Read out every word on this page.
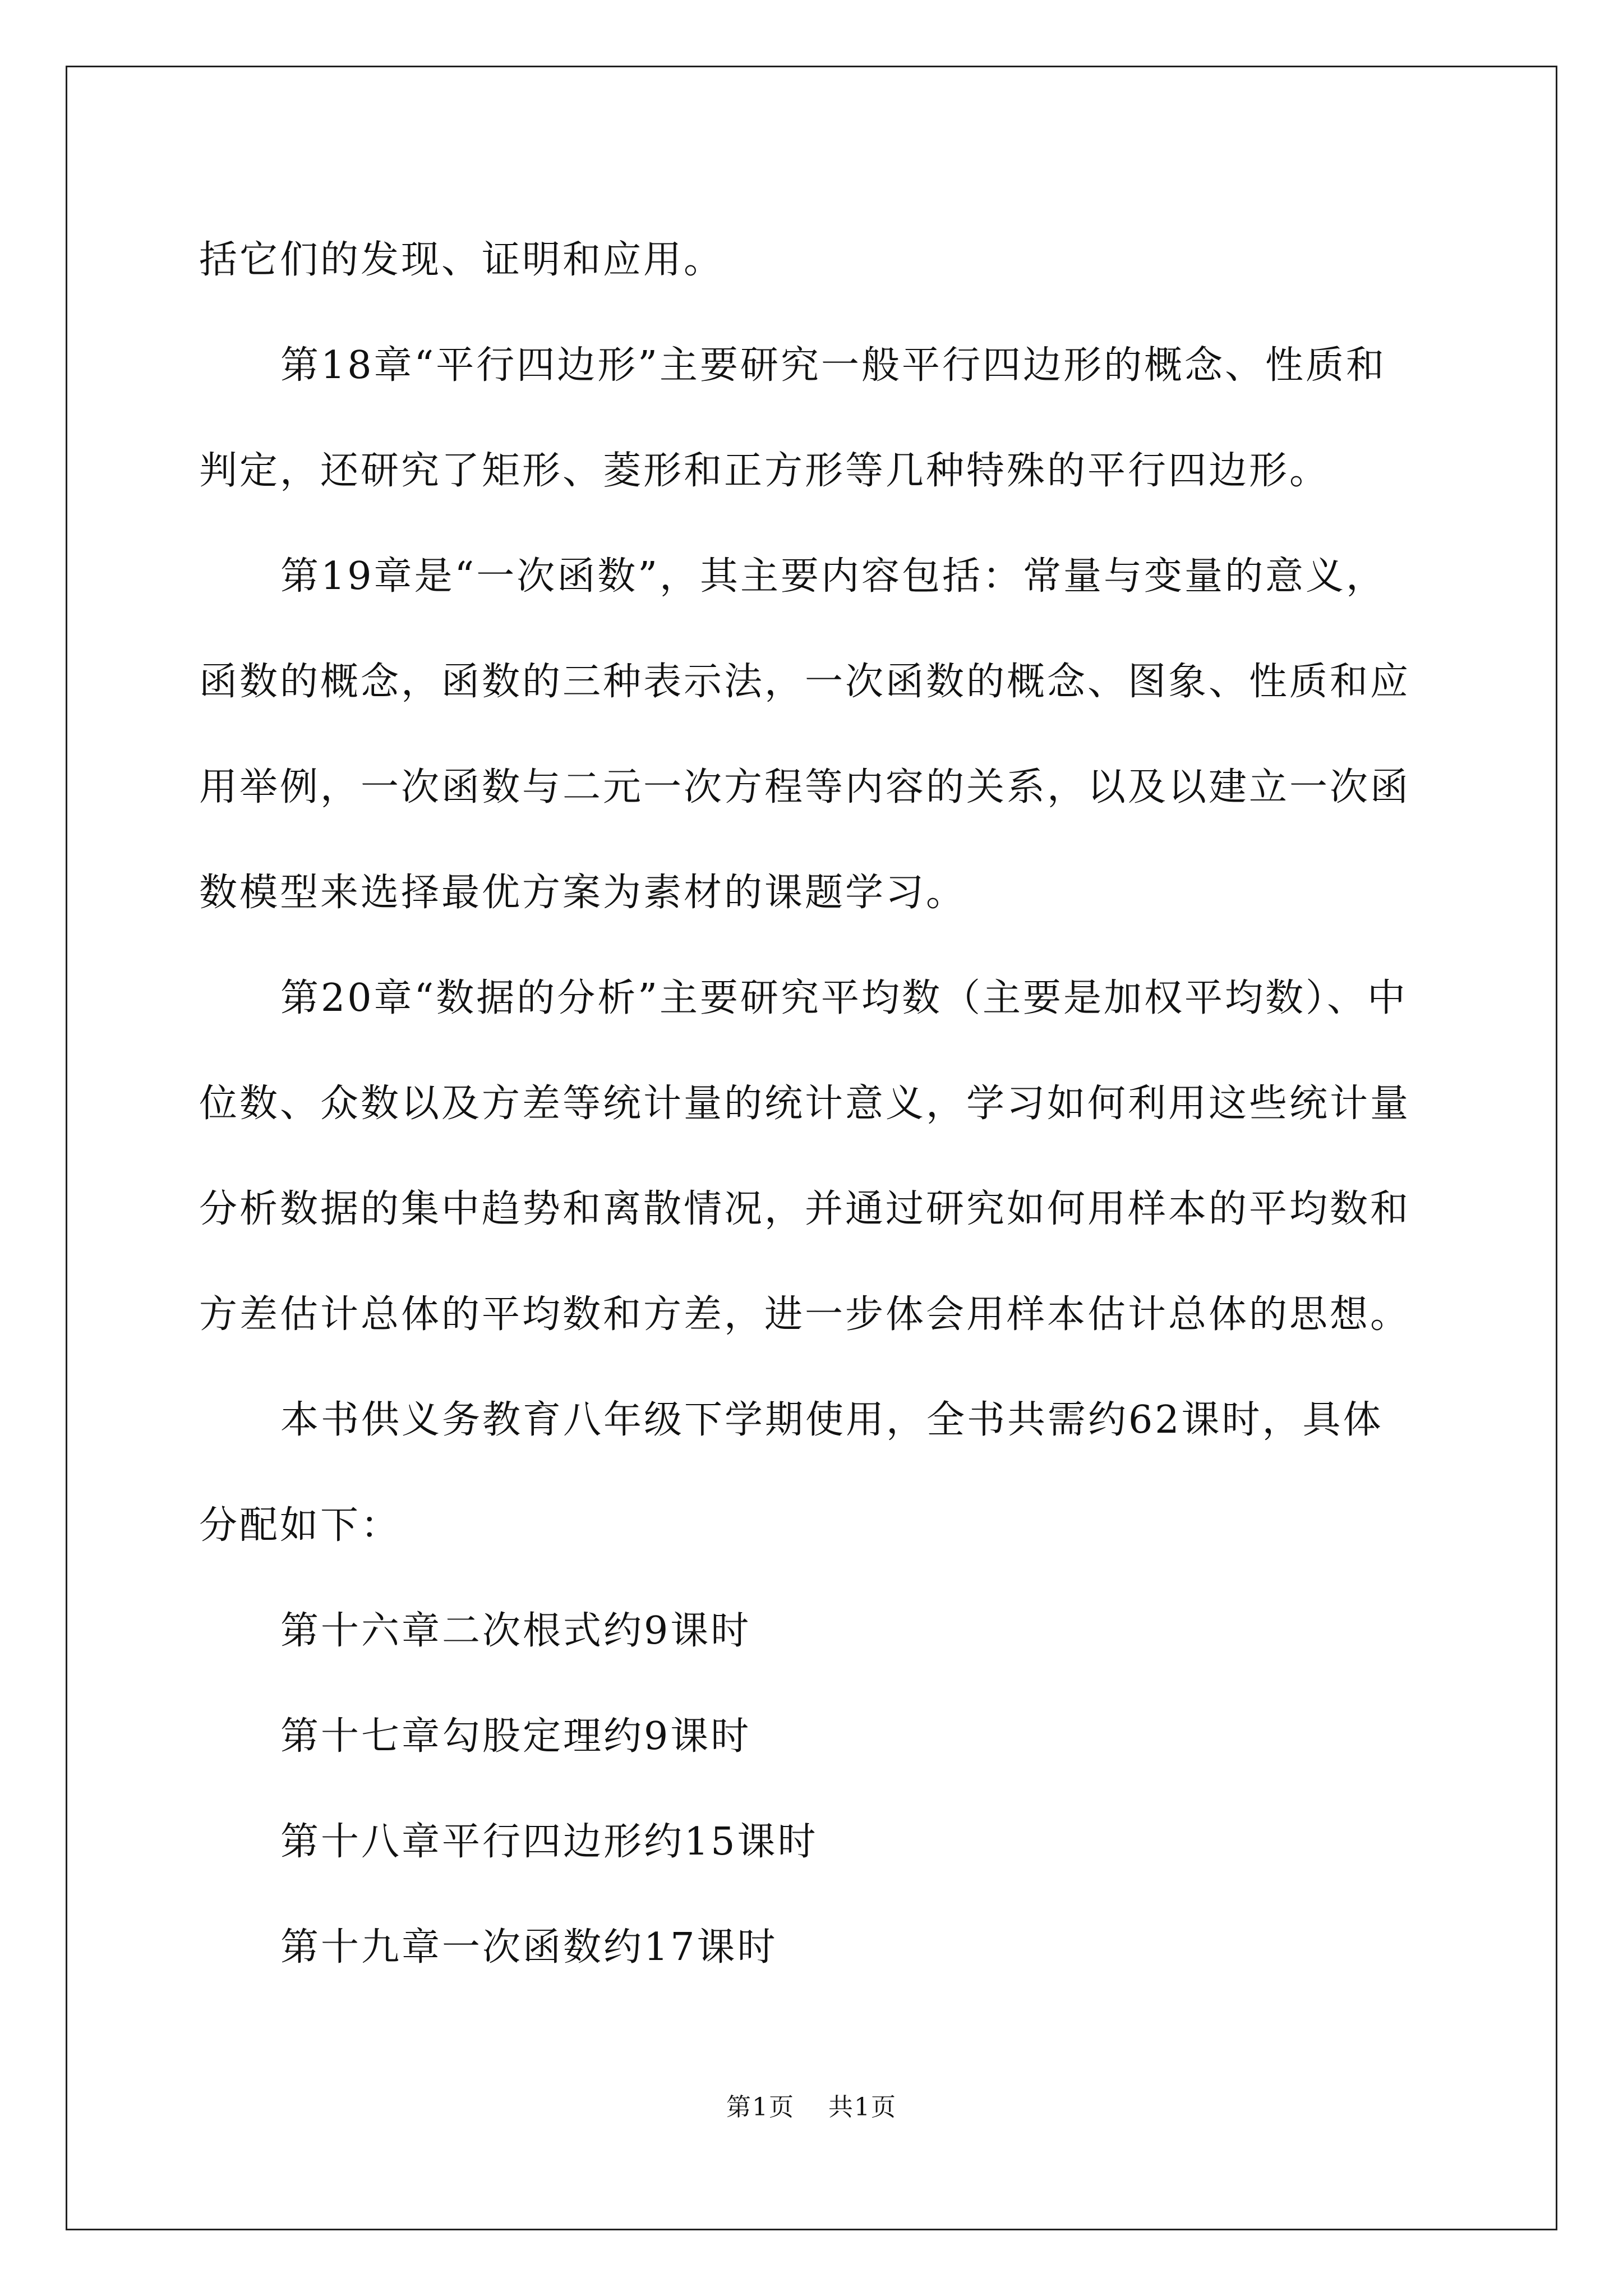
括它们的发现、证明和应用。

第18章“平行四边形”主要研究一般平行四边形的概念、性质和判定，还研究了矩形、菱形和正方形等几种特殊的平行四边形。

第19章是“一次函数”，其主要内容包括：常量与变量的意义，函数的概念，函数的三种表示法，一次函数的概念、图象、性质和应用举例，一次函数与二元一次方程等内容的关系，以及以建立一次函数模型来选择最优方案为素材的课题学习。

第20章“数据的分析”主要研究平均数（主要是加权平均数）、中位数、众数以及方差等统计量的统计意义，学习如何利用这些统计量分析数据的集中趋势和离散情况，并通过研究如何用样本的平均数和方差估计总体的平均数和方差，进一步体会用样本估计总体的思想。

本书供义务教育八年级下学期使用，全书共需约62课时，具体分配如下：

第十六章二次根式约9课时

第十七章勾股定理约9课时

第十八章平行四边形约15课时

第十九章一次函数约17课时

第1页 共1页
